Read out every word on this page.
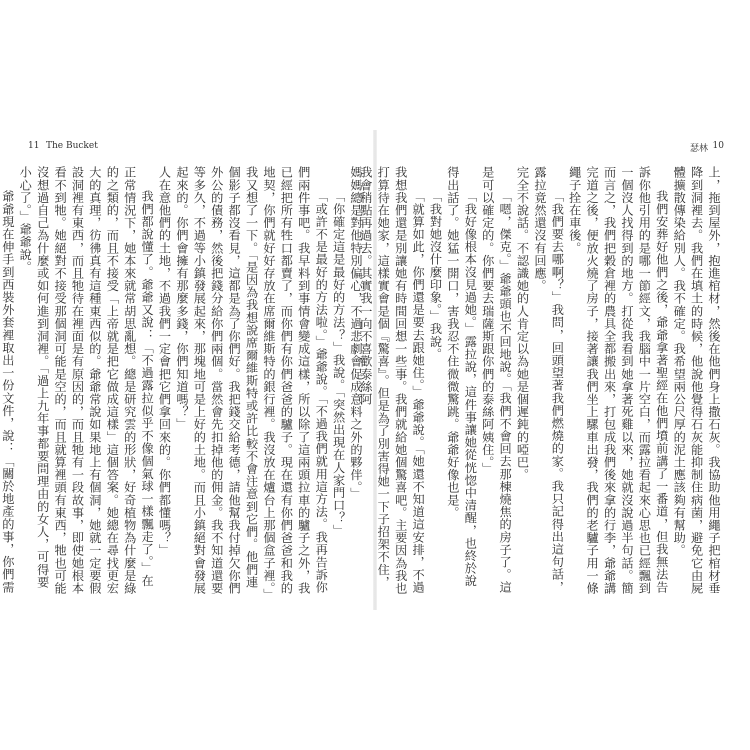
11 The Bucket

媽媽總是對他特別偏心，不過悲劇會促成意料之外的夥伴。」

「你確定這是最好的方法？」我說。「突然出現在人家門口？」

「或許不是最好的方法啦。」爺爺說。「不過我們就用這方法。我再告訴你們兩件事吧。我早料到事情會變成這樣，所以除了這兩頭拉車的驢子之外，我已經把所有牲口都賣了，而你們有你們爸爸的驢子。現在還有你們爸爸和我的地契，你們就好好存放在席爾維斯特的銀行裡。我沒放在爐台上那個盒子裡。」我又想了一下。「是因為我想說席爾維斯特或許比較不會注意到它們。他們連個影子都沒看見，這都是為了你們好。我把錢交給考德，請他幫我付掉欠你們外公的債務，然後把錢分給你們兩個。當然會先扣掉他的佣金。我不知道還要等多久，不過等小鎮發展起來，那塊地可是上好的土地。而且小鎮絕對會發展起來的。你們會擁有那麼多錢，你們知道嗎？」

人在意他們的土地，不過我們一定會把它們拿回來的。你們都懂嗎？」

我們都說懂了。爺爺又說：「不過露拉似乎不像個氣球一樣飄走了。」在正常情況下，她本來就常胡思亂想。總是研究雲的形狀，好奇植物為什麼是綠的之類的，而且不接受「上帝就是把它做成這樣」這個答案。她總在尋找更宏大的真理，彷彿真有這種東西似的。爺爺常說如果地上有個洞，她就一定要假設洞裡有東西，而且牠待在裡面是有原因的，而且牠有一段故事，即使她根本看不到牠。她絕對不接受那個洞可能是空的，而且就算裡頭有東西，牠也可能沒想過自己為什麼或如何進到洞裡。「過上九年事都要問理由的女人，可得要小心了。」爺爺說。

爺爺現在伸手到西裝外套裡取出一份文件，說：「關於地產的事，你們需

瑟林 10

上，拖到屋外，抱進棺材，然後在他們身上撒石灰。我協助他用繩子把棺材垂降到洞裡去。我們在填土的時候，他說他覺得石灰能抑制住病菌，避免它由屍體擴散傳染給別人。我不確定。我希望兩公尺厚的泥土應該夠有幫助。

我們安葬好他們之後，爺爺拿著聖經在他們墳前講了一番道，但我無法告訴你他引用的是哪一節經文，我腦中一片空白，而露拉看起來心思也已經飄到一個沒人找得到的地方。打從我看到她拿著死雞以來，她就沒說過半句話。簡而言之，我們把穀倉裡的農具全都搬出來，打包成我們後來拿的行李，爺爺講完道之後，便放火燒了房子，接著讓我們坐上騾車出發，我們的老驢子用一條繩子拴在車後。

「我們要去哪啊？」我問，回頭望著我們燃燒的家。我只記得出這句話，露拉竟然還沒有回應。

完全不說話。不認識她的人肯定以為她是個遲鈍的啞巴。

「嗯，傑克。」爺爺頭也不回地說。「我們不會回去那棟燒焦的房子了。這是可以確定的。你們要去瑞薩斯跟你們的泰絲阿姨住。」

「我好像根本沒見過她。」露拉說，這件事讓她從恍惚中清醒，也終於說得出話了。她猛一開口，害我忍不住微微驚跳。爺爺好像也是。

「我對她沒什麼印象。」我說。

「就算如此，你們還是要去跟她住。」爺爺說。「她還不知道這安排，不過我想我們還是別讓她有時間回想一些事。我們就給她個驚喜吧。主要因為我也打算待在她家，這樣實會是個『驚喜』。但是為了別害得她一下子招架不住，我會稍點再過去。其實我一向不喜歡泰絲阿
